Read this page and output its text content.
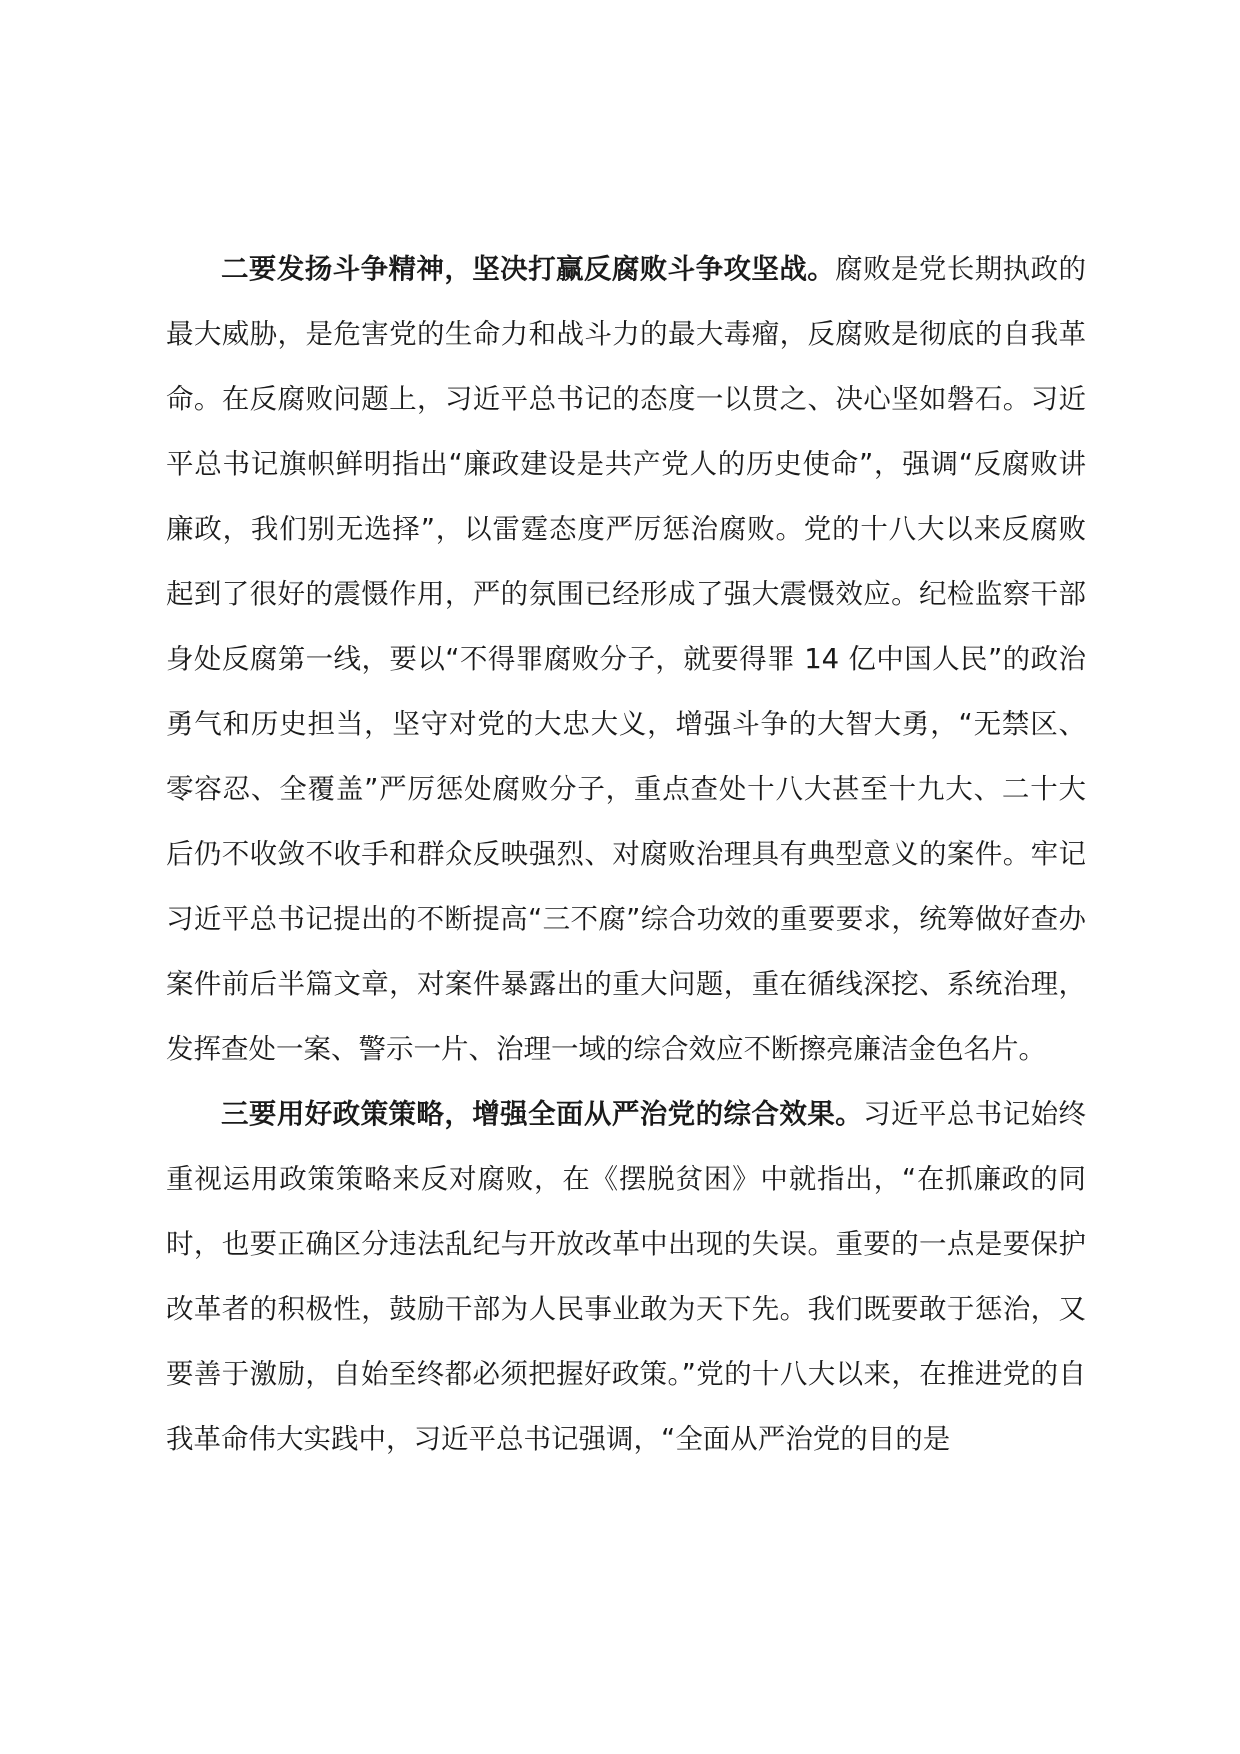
二要发扬斗争精神，坚决打赢反腐败斗争攻坚战。腐败是党长期执政的最大威胁，是危害党的生命力和战斗力的最大毒瘤，反腐败是彻底的自我革命。在反腐败问题上，习近平总书记的态度一以贯之、决心坚如磐石。习近平总书记旗帜鲜明指出“廉政建设是共产党人的历史使命”，强调“反腐败讲廉政，我们别无选择”，以雷霆态度严厉惩治腐败。党的十八大以来反腐败起到了很好的震慑作用，严的氛围已经形成了强大震慑效应。纪检监察干部身处反腐第一线，要以“不得罪腐败分子，就要得罪 14 亿中国人民”的政治勇气和历史担当，坚守对党的大忠大义，增强斗争的大智大勇，“无禁区、零容忍、全覆盖”严厉惩处腐败分子，重点查处十八大甚至十九大、二十大后仍不收敛不收手和群众反映强烈、对腐败治理具有典型意义的案件。牢记习近平总书记提出的不断提高“三不腐”综合功效的重要要求，统筹做好查办案件前后半篇文章，对案件暴露出的重大问题，重在循线深挖、系统治理，发挥查处一案、警示一片、治理一域的综合效应不断擦亮廉洁金色名片。

三要用好政策策略，增强全面从严治党的综合效果。习近平总书记始终重视运用政策策略来反对腐败，在《摆脱贫困》中就指出，“在抓廉政的同时，也要正确区分违法乱纪与开放改革中出现的失误。重要的一点是要保护改革者的积极性，鼓励干部为人民事业敢为天下先。我们既要敢于惩治，又要善于激励，自始至终都必须把握好政策。”党的十八大以来，在推进党的自我革命伟大实践中，习近平总书记强调，“全面从严治党的目的是
